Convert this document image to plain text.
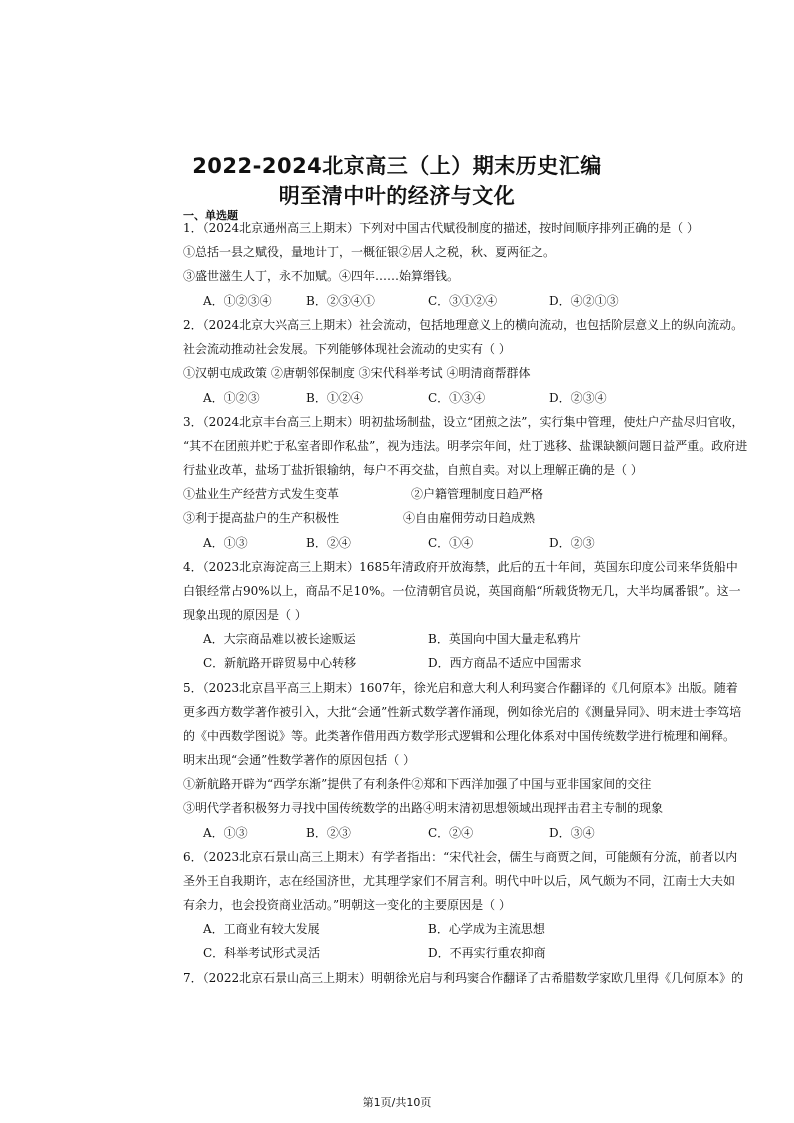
2022-2024北京高三（上）期末历史汇编
明至清中叶的经济与文化
一、单选题
1．（2024北京通州高三上期末）下列对中国古代赋役制度的描述，按时间顺序排列正确的是（ ）
①总括一县之赋役，量地计丁，一概征银②居人之税，秋、夏两征之。
③盛世滋生人丁，永不加赋。④四年……始算缗钱。
A．①②③④	B．②③④①	C．③①②④	D．④②①③
2．（2024北京大兴高三上期末）社会流动，包括地理意义上的横向流动，也包括阶层意义上的纵向流动。
社会流动推动社会发展。下列能够体现社会流动的史实有（ ）
①汉朝屯成政策 ②唐朝邻保制度 ③宋代科举考试 ④明清商帮群体
A．①②③	B．①②④	C．①③④	D．②③④
3．（2024北京丰台高三上期末）明初盐场制盐，设立“团煎之法”，实行集中管理，使灶户产盐尽归官收，
“其不在团煎并贮于私室者即作私盐”，视为违法。明孝宗年间，灶丁逃移、盐课缺额问题日益严重。政府进
行盐业改革，盐场丁盐折银输纳，每户不再交盐，自煎自卖。对以上理解正确的是（ ）
①盐业生产经营方式发生变革	②户籍管理制度日趋严格
③利于提高盐户的生产积极性	④自由雇佣劳动日趋成熟
A．①③	B．②④	C．①④	D．②③
4．（2023北京海淀高三上期末）1685年清政府开放海禁，此后的五十年间，英国东印度公司来华货船中
白银经常占90%以上，商品不足10%。一位清朝官员说，英国商船“所载货物无几，大半均属番银”。这一
现象出现的原因是（ ）
A．大宗商品难以被长途贩运	B．英国向中国大量走私鸦片
C．新航路开辟贸易中心转移	D．西方商品不适应中国需求
5．（2023北京昌平高三上期末）1607年，徐光启和意大利人利玛窦合作翻译的《几何原本》出版。随着
更多西方数学著作被引入，大批“会通”性新式数学著作涌现，例如徐光启的《测量异同》、明末进士李笃培
的《中西数学图说》等。此类著作借用西方数学形式逻辑和公理化体系对中国传统数学进行梳理和阐释。
明末出现“会通”性数学著作的原因包括（ ）
①新航路开辟为“西学东渐”提供了有利条件②郑和下西洋加强了中国与亚非国家间的交往
③明代学者积极努力寻找中国传统数学的出路④明末清初思想领域出现抨击君主专制的现象
A．①③	B．②③	C．②④	D．③④
6．（2023北京石景山高三上期末）有学者指出：“宋代社会，儒生与商贾之间，可能颇有分流，前者以内
圣外王自我期许，志在经国济世，尤其理学家们不屑言利。明代中叶以后，风气颇为不同，江南士大夫如
有余力，也会投资商业活动。”明朝这一变化的主要原因是（ ）
A．工商业有较大发展	B．心学成为主流思想
C．科举考试形式灵活	D．不再实行重农抑商
7．（2022北京石景山高三上期末）明朝徐光启与利玛窦合作翻译了古希腊数学家欧几里得《几何原本》的
第1页/共10页
